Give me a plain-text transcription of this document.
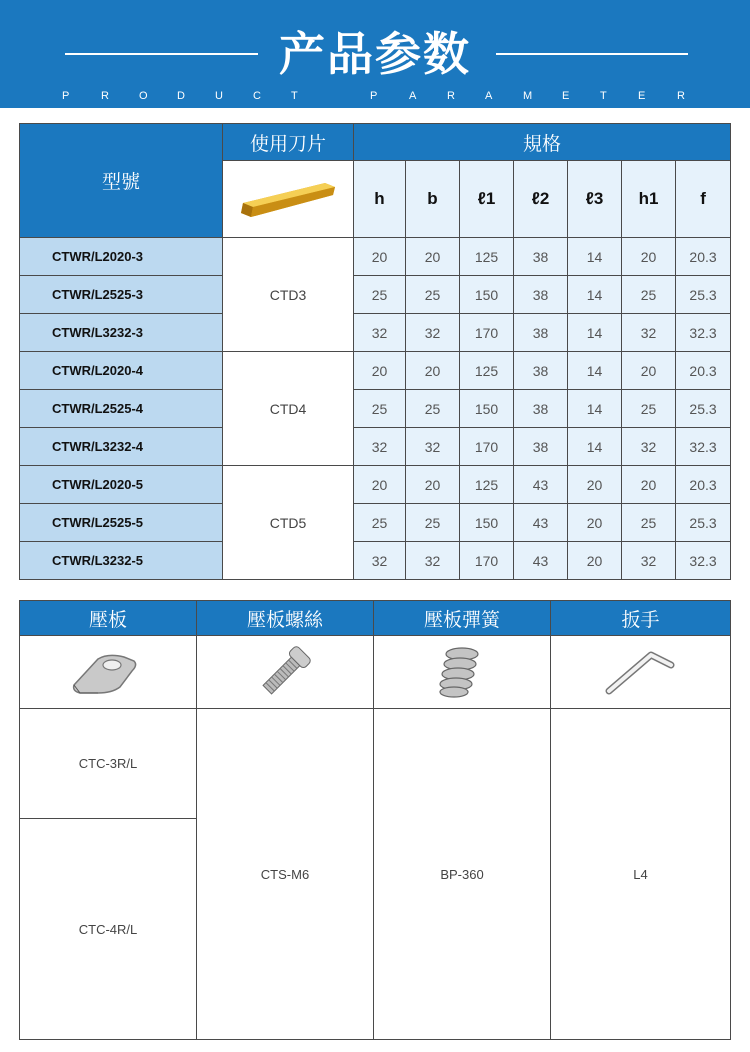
产品参数
P	R	O	D	U	C	T	P	A	R	A	M	E	T	E	R
型號	使用刀片	規格						
	h	b	ℓ1	ℓ2	ℓ3	h1	f
CTWR/L2020-3	CTD3	20	20	125	38	14	20	20.3
CTWR/L2525-3		25	25	150	38	14	25	25.3
CTWR/L3232-3		32	32	170	38	14	32	32.3
CTWR/L2020-4	CTD4	20	20	125	38	14	20	20.3
CTWR/L2525-4		25	25	150	38	14	25	25.3
CTWR/L3232-4		32	32	170	38	14	32	32.3
CTWR/L2020-5	CTD5	20	20	125	43	20	20	20.3
CTWR/L2525-5		25	25	150	43	20	25	25.3
CTWR/L3232-5		32	32	170	43	20	32	32.3
壓板	壓板螺絲	壓板彈簧	扳手

CTC-3R/L	CTS-M6	BP-360	L4
CTC-4R/L			
